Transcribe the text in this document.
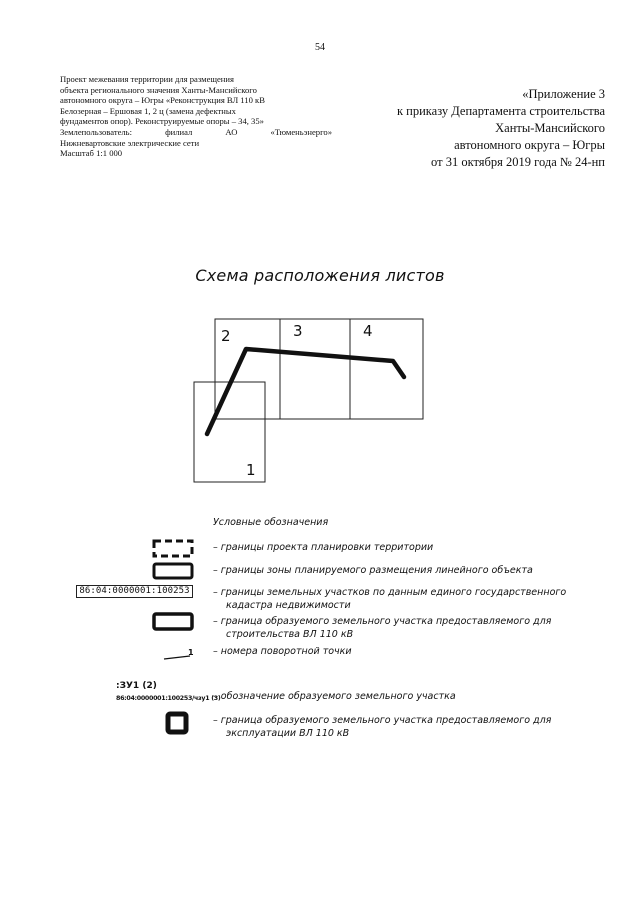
54
Проект межевания территории для размещения
объекта регионального значения Ханты-Мансийского
автономного округа – Югры «Реконструкция ВЛ 110 кВ
Белозерная – Ершовая 1, 2 ц (замена дефектных
фундаментов опор). Реконструируемые опоры – 34, 35»
Землепользователь:	филиал	АО	«Тюменьэнерго»
Нижневартовские электрические сети
Масштаб 1:1 000
«Приложение 3
к приказу Департамента строительства
Ханты-Мансийского
автономного округа – Югры
от 31 октября 2019 года № 24-нп
Схема расположения листов
2	3	4
1
Условные обозначения
– границы проекта планировки территории
– границы зоны планируемого размещения линейного объекта
86:04:0000001:100253	– границы земельных участков по данным единого государственного
кадастра недвижимости
– граница образуемого земельного участка предоставляемого для
строительства ВЛ 110 кВ
1 – номера поворотной точки
:ЗУ1 (2)
86:04:0000001:100253/чзу1 (3)
– обозначение образуемого земельного участка
– граница образуемого земельного участка предоставляемого для
эксплуатации ВЛ 110 кВ
